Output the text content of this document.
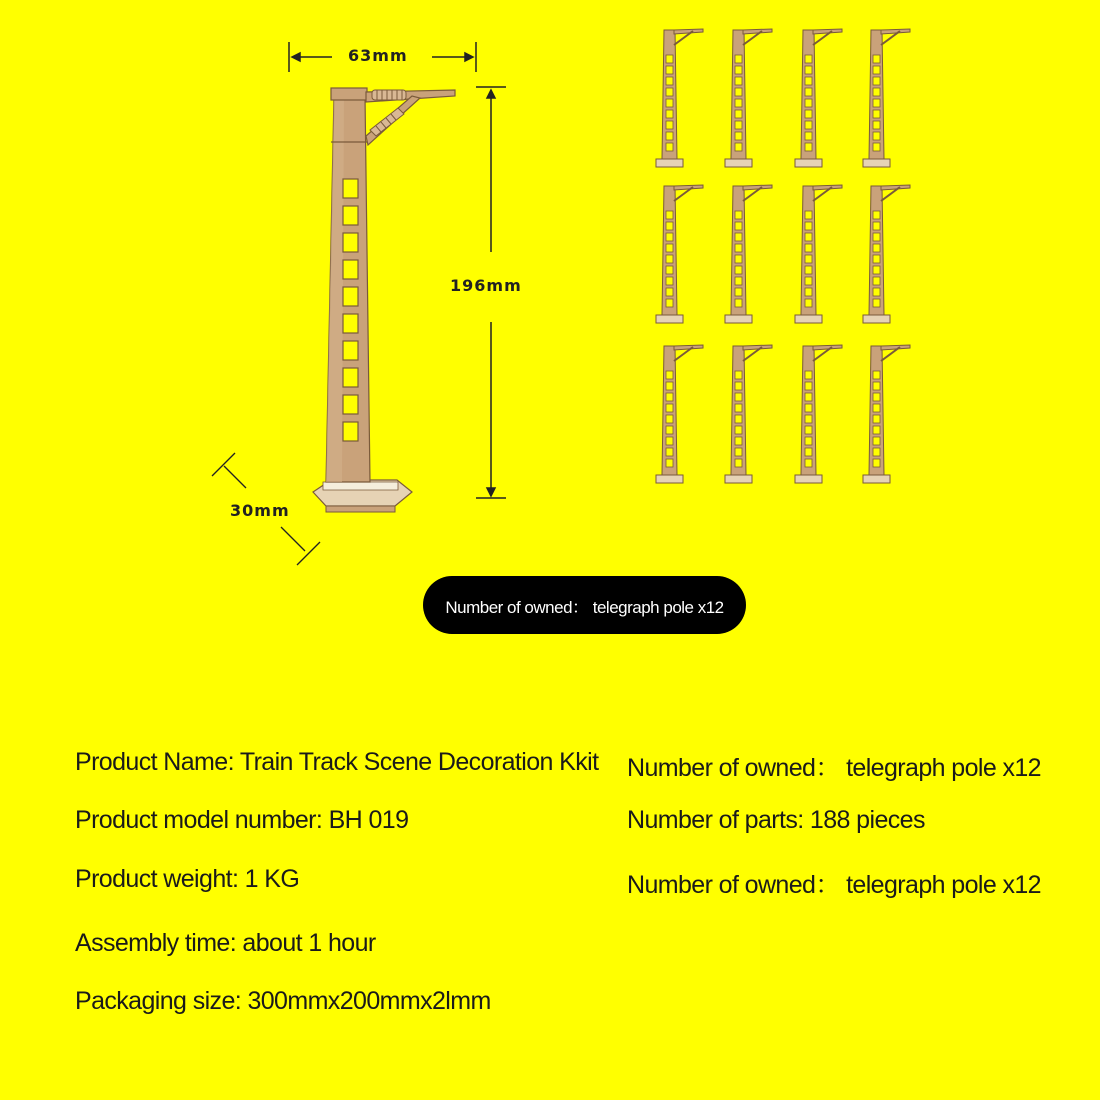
63mm
196mm
30mm
Number of owned： telegraph pole x12
Product Name: Train Track Scene Decoration Kkit
Product model number: BH 019
Product weight: 1 KG
Assembly time: about 1 hour
Packaging size: 300mmx200mmx2lmm
Number of owned： telegraph pole x12
Number of parts: 188 pieces
Number of owned： telegraph pole x12
